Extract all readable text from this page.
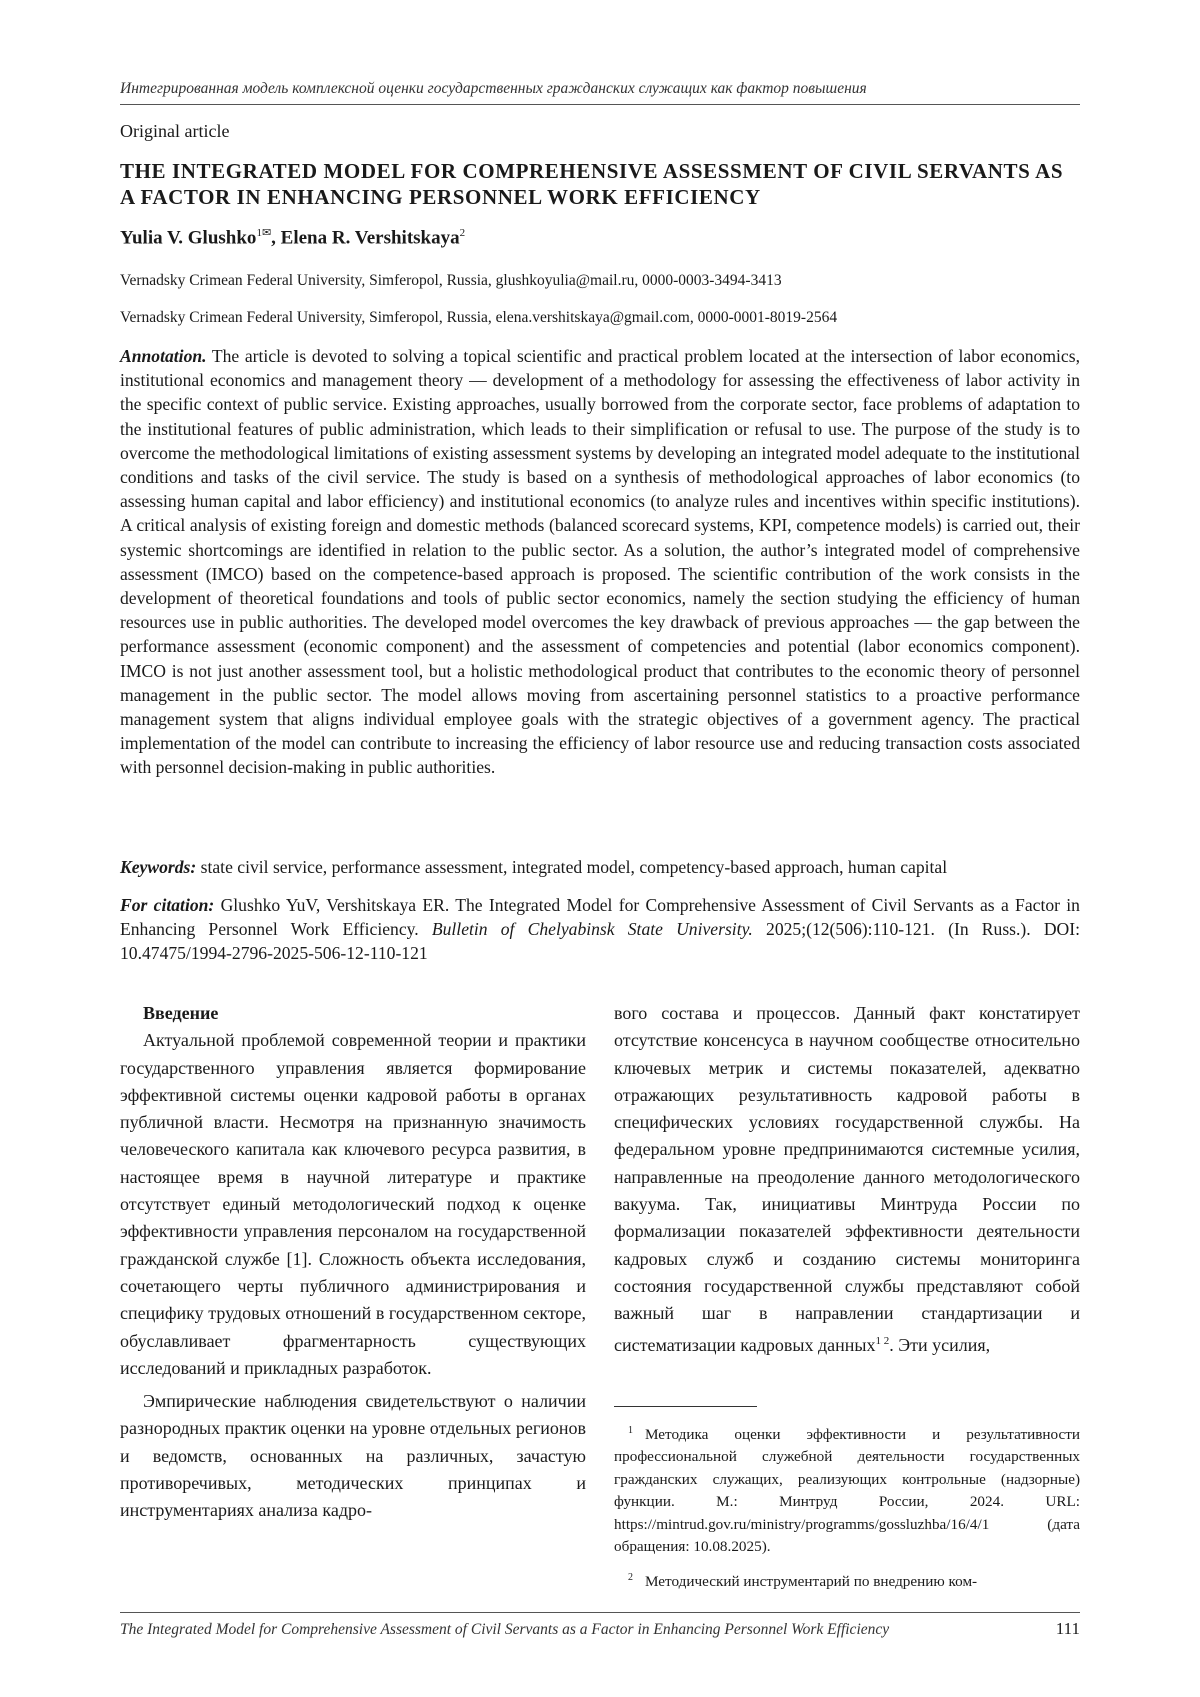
Интегрированная модель комплексной оценки государственных гражданских служащих как фактор повышения
Original article
THE INTEGRATED MODEL FOR COMPREHENSIVE ASSESSMENT OF CIVIL SERVANTS AS A FACTOR IN ENHANCING PERSONNEL WORK EFFICIENCY
Yulia V. Glushko$^{1✉}$, Elena R. Vershitskaya$^2$
Vernadsky Crimean Federal University, Simferopol, Russia, glushkoyulia@mail.ru, 0000-0003-3494-3413
Vernadsky Crimean Federal University, Simferopol, Russia, elena.vershitskaya@gmail.com, 0000-0001-8019-2564

Annotation. The article is devoted to solving a topical scientific and practical problem located at the intersection of labor economics, institutional economics and management theory — development of a methodology for assessing the effectiveness of labor activity in the specific context of public service. Existing approaches, usually borrowed from the corporate sector, face problems of adaptation to the institutional features of public administration, which leads to their simplification or refusal to use. The purpose of the study is to overcome the methodological limitations of existing assessment systems by developing an integrated model adequate to the institutional conditions and tasks of the civil service. The study is based on a synthesis of methodological approaches of labor economics (to assessing human capital and labor efficiency) and institutional economics (to analyze rules and incentives within specific institutions). A critical analysis of existing foreign and domestic methods (balanced scorecard systems, KPI, competence models) is carried out, their systemic shortcomings are identified in relation to the public sector. As a solution, the author’s integrated model of comprehensive assessment (IMCO) based on the competence-based approach is proposed. The scientific contribution of the work consists in the development of theoretical foundations and tools of public sector economics, namely the section studying the efficiency of human resources use in public authorities. The developed model overcomes the key drawback of previous approaches — the gap between the performance assessment (economic component) and the assessment of competencies and potential (labor economics component). IMCO is not just another assessment tool, but a holistic methodological product that contributes to the economic theory of personnel management in the public sector. The model allows moving from ascertaining personnel statistics to a proactive performance management system that aligns individual employee goals with the strategic objectives of a government agency. The practical implementation of the model can contribute to increasing the efficiency of labor resource use and reducing transaction costs associated with personnel decision-making in public authorities.

Keywords: state civil service, performance assessment, integrated model, competency-based approach, human capital

For citation: Glushko YuV, Vershitskaya ER. The Integrated Model for Comprehensive Assessment of Civil Servants as a Factor in Enhancing Personnel Work Efficiency. Bulletin of Chelyabinsk State University. 2025;(12(506):110-121. (In Russ.). DOI: 10.47475/1994-2796-2025-506-12-110-121

Введение

Актуальной проблемой современной теории и практики государственного управления является формирование эффективной системы оценки кадровой работы в органах публичной власти. Несмотря на признанную значимость человеческого капитала как ключевого ресурса развития, в настоящее время в научной литературе и практике отсутствует единый методологический подход к оценке эффективности управления персоналом на государственной гражданской службе [1]. Сложность объекта исследования, сочетающего черты публичного администрирования и специфику трудовых отношений в государственном секторе, обуславливает фрагментарность существующих исследований и прикладных разработок.

Эмпирические наблюдения свидетельствуют о наличии разнородных практик оценки на уровне отдельных регионов и ведомств, основанных на различных, зачастую противоречивых, методических принципах и инструментариях анализа кадро-

вого состава и процессов. Данный факт констатирует отсутствие консенсуса в научном сообществе относительно ключевых метрик и системы показателей, адекватно отражающих результативность кадровой работы в специфических условиях государственной службы. На федеральном уровне предпринимаются системные усилия, направленные на преодоление данного методологического вакуума. Так, инициативы Минтруда России по формализации показателей эффективности деятельности кадровых служб и созданию системы мониторинга состояния государственной службы представляют собой важный шаг в направлении стандартизации и систематизации кадровых данных$^{1 2}$. Эти усилия,

$^1$ Методика оценки эффективности и результативности профессиональной служебной деятельности государственных гражданских служащих, реализующих контрольные (надзорные) функции. М.: Минтруд России, 2024. URL: https://mintrud.gov.ru/ministry/programms/gossluzhba/16/4/1 (дата обращения: 10.08.2025).

$^2$ Методический инструментарий по внедрению ком-

The Integrated Model for Comprehensive Assessment of Civil Servants as a Factor in Enhancing Personnel Work Efficiency	111
